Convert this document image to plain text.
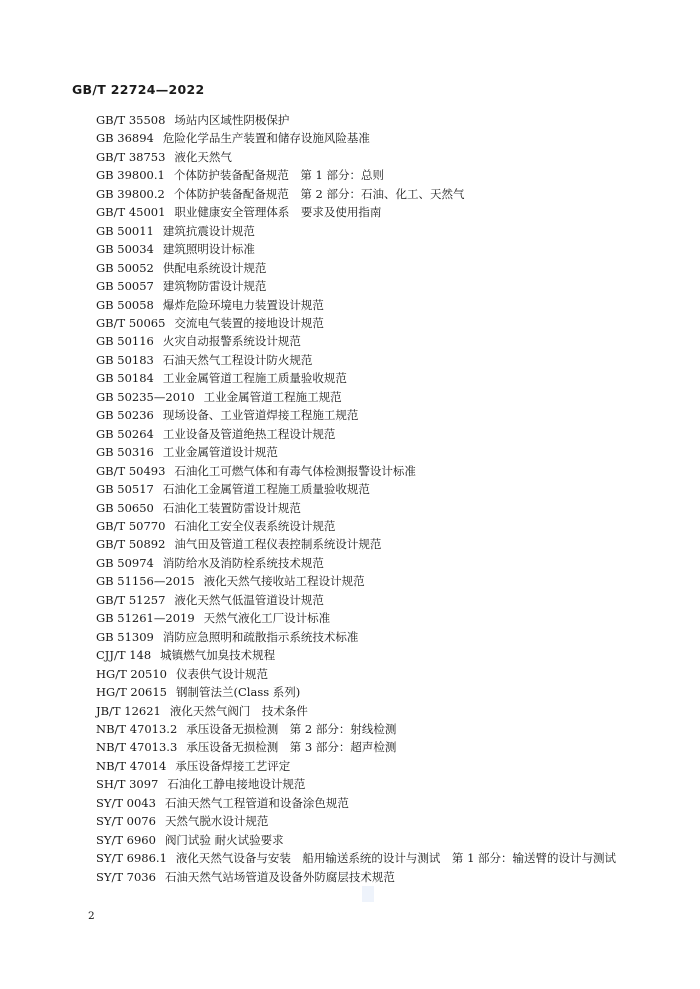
GB/T 22724—2022
GB/T 35508 场站内区域性阴极保护
GB 36894 危险化学品生产装置和储存设施风险基准
GB/T 38753 液化天然气
GB 39800.1 个体防护装备配备规范　第 1 部分：总则
GB 39800.2 个体防护装备配备规范　第 2 部分：石油、化工、天然气
GB/T 45001 职业健康安全管理体系　要求及使用指南
GB 50011 建筑抗震设计规范
GB 50034 建筑照明设计标准
GB 50052 供配电系统设计规范
GB 50057 建筑物防雷设计规范
GB 50058 爆炸危险环境电力装置设计规范
GB/T 50065 交流电气装置的接地设计规范
GB 50116 火灾自动报警系统设计规范
GB 50183 石油天然气工程设计防火规范
GB 50184 工业金属管道工程施工质量验收规范
GB 50235—2010 工业金属管道工程施工规范
GB 50236 现场设备、工业管道焊接工程施工规范
GB 50264 工业设备及管道绝热工程设计规范
GB 50316 工业金属管道设计规范
GB/T 50493 石油化工可燃气体和有毒气体检测报警设计标准
GB 50517 石油化工金属管道工程施工质量验收规范
GB 50650 石油化工装置防雷设计规范
GB/T 50770 石油化工安全仪表系统设计规范
GB/T 50892 油气田及管道工程仪表控制系统设计规范
GB 50974 消防给水及消防栓系统技术规范
GB 51156—2015 液化天然气接收站工程设计规范
GB/T 51257 液化天然气低温管道设计规范
GB 51261—2019 天然气液化工厂设计标准
GB 51309 消防应急照明和疏散指示系统技术标准
CJJ/T 148 城镇燃气加臭技术规程
HG/T 20510 仪表供气设计规范
HG/T 20615 钢制管法兰(Class 系列)
JB/T 12621 液化天然气阀门　技术条件
NB/T 47013.2 承压设备无损检测　第 2 部分：射线检测
NB/T 47013.3 承压设备无损检测　第 3 部分：超声检测
NB/T 47014 承压设备焊接工艺评定
SH/T 3097 石油化工静电接地设计规范
SY/T 0043 石油天然气工程管道和设备涂色规范
SY/T 0076 天然气脱水设计规范
SY/T 6960 阀门试验 耐火试验要求
SY/T 6986.1 液化天然气设备与安装　船用输送系统的设计与测试　第 1 部分：输送臂的设计与测试
SY/T 7036 石油天然气站场管道及设备外防腐层技术规范
2
